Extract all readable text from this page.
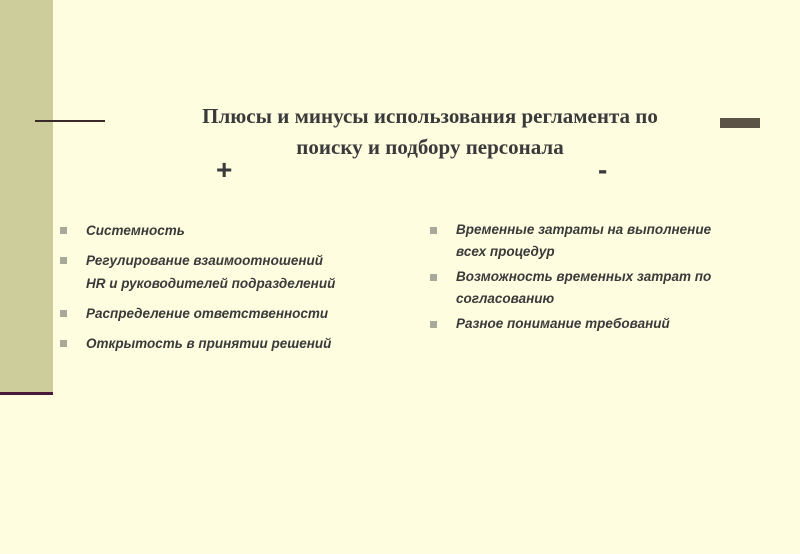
Плюсы и минусы использования регламента по
поиску и подбору персонала
+	-
Системность
Регулирование взаимоотношений
HR и руководителей подразделений
Распределение ответственности
Открытость в принятии решений
Временные затраты на выполнение
всех процедур
Возможность временных затрат по
согласованию
Разное понимание требований
